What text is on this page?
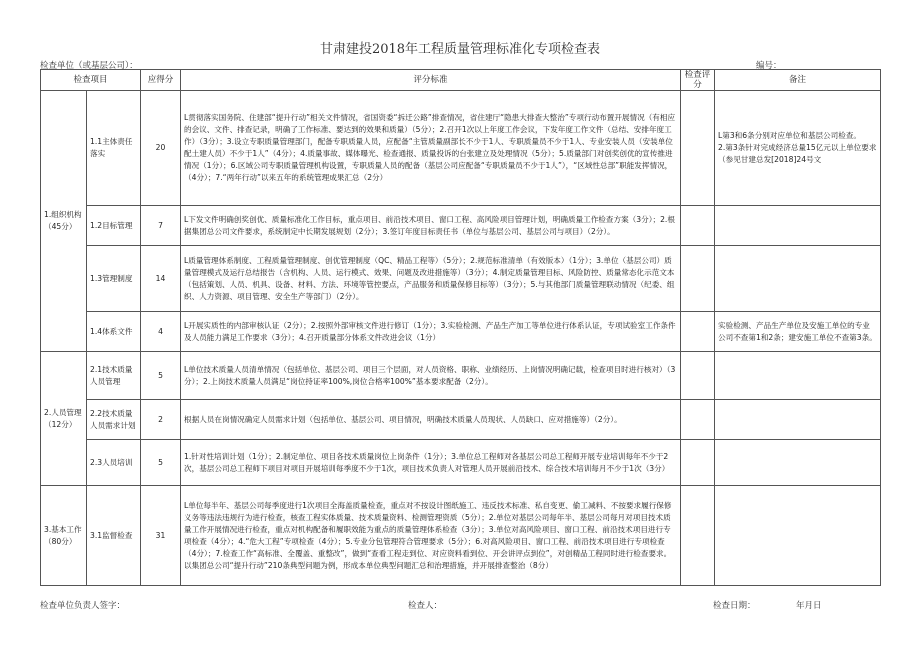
甘肃建投2018年工程质量管理标准化专项检查表
检查单位（或基层公司）：	编号：
检查项目		应得分	评分标准	检查评分	备注
1.组织机构（45分）	1.1主体责任落实	20	L贯彻落实国务院、住建部“提升行动”相关文件情况，省国资委“拆迁公路”排查情况，省住建厅“隐患大排查大整治”专项行动布置开展情况（有相应的会议、文件、排查记录，明确了工作标准、要达到的效果和质量）（5分）；2.召开1次以上年度工作会议，下发年度工作文件（总结、安排年度工作）（3分）；3.设立专职质量管理部门，配备专职质量人员，应配备“主管质量副部长不少于1人、专职质量员不少于1人、专业安装人员（安装单位配土建人员）不少于1人”（4分）；4.质量事故、媒体曝光、检查通报、质量投诉的台张建立及处理情况（5分）；5.质量部门对创奖创优的宣传推进情况（1分）；6.区域公司专职质量管理机构设置，专职质量人员的配备（基层公司应配备“专职质量员不少于1人”），“区域性总部”职能发挥情况，（4分）；7.“两年行动”以来五年的系统管理成果汇总（2分）		L第3和6条分别对应单位和基层公司检查。
2.第3条针对完成经济总量15亿元以上单位要求（参见甘建总发[2018]24号文
	1.2目标管理	7	L下发文件明确创奖创优、质量标准化工作目标，重点项目、前沿技术项目、窗口工程、高风险项目管理计划，明确质量工作检查方案（3分）；2.根据集团总公司文件要求，系统制定中长期发展规划（2分）；3.签订年度目标责任书（单位与基层公司、基层公司与项目）（2分）。		
	1.3管理制度	14	L质量管理体系制度、工程质量管理制度、创优管理制度（QC、精品工程等）（5分）；2.规范标准清单（有效版本）（1分）；3.单位（基层公司）质量管理模式及运行总结报告（含机构、人员、运行模式、效果、问题及改进措施等）（3分）；4.制定质量管理目标、风险防控、质量常态化示范文本（包括策划、人员、机具、设备、材料、方法、环境等管控要点，产品服务和质量保修目标等）（3分）；5.与其他部门质量管理联动情况（纪委、组织、人力资源、项目管理、安全生产等部门）（2分）。		
	1.4体系文件	4	L开展实质性的内部审核认证（2分）；2.按照外部审核文件进行修订（1分）；3.实验检测、产品生产加工等单位进行体系认证，专项试验室工作条件及人员能力满足工作要求（3分）；4.召开质量部分体系文件改进会议（1分）		实验检测、产品生产单位及安施工单位的专业公司不查第1和2条；建安施工单位不查第3条。
2.人员管理（12分）	2.1技术质量人员管理	5	L单位技术质量人员清单情况（包括单位、基层公司、项目三个层面，对人员资格、职称、业绩经历、上岗情况明确记载，检查项目时进行核对）（3分）；2.上岗技术质量人员满足“岗位持证率100%,岗位合格率100%”基本要求配备（2分）。		
	2.2技术质量人员需求计划	2	根据人员在岗情况确定人员需求计划（包括单位、基层公司、项目情况，明确技术质量人员现状、人员缺口、应对措施等）（2分）。		
	2.3人员培训	5	1.针对性培训计划（1分）；2.制定单位、项目各技术质量岗位上岗条件（1分）；3.单位总工程师对各基层公司总工程师开展专业培训每年不少于2次，基层公司总工程师下项目对项目开展培训每季度不少于1次，项目技术负责人对管理人员开展前沿技术、综合技术培训每月不少于1次（3分）		
3.基本工作（80分）	3.1监督检查	31	L单位每半年、基层公司每季度进行1次项目全海盖质量检查，重点对不按设计图纸施工、违反技术标准、私自变更、偷工减料、不按要求履行保修义务等违法违规行为进行检查，核查工程实体质量、技术质量资料、检测管理资质（5分）；2.单位对基层公司每年半、基层公司每月对项目技术质量工作开展情况进行检查，重点对机构配备和履职效能为重点的质量管理体系检查（3分）；3.单位对高风险项目、窗口工程、前沿技术项目进行专项检查（4分）；4.“危大工程”专项检查（4分）；5.专业分包管理符合管理要求（5分）；6.对高风险项目、窗口工程、前沿技术项目进行专项检查（4分）；7.检查工作“高标准、全覆盖、重整改”，做到“查看工程走到位、对应资料看到位、开会讲评点到位”，对创精品工程同时进行检查要求。以集团总公司“提升行动”210条典型问题为例，形成本单位典型问题汇总和治理措施，并开展排查整治（8分）		
检查单位负责人签字：	检查人：	检查日期：	年月日
